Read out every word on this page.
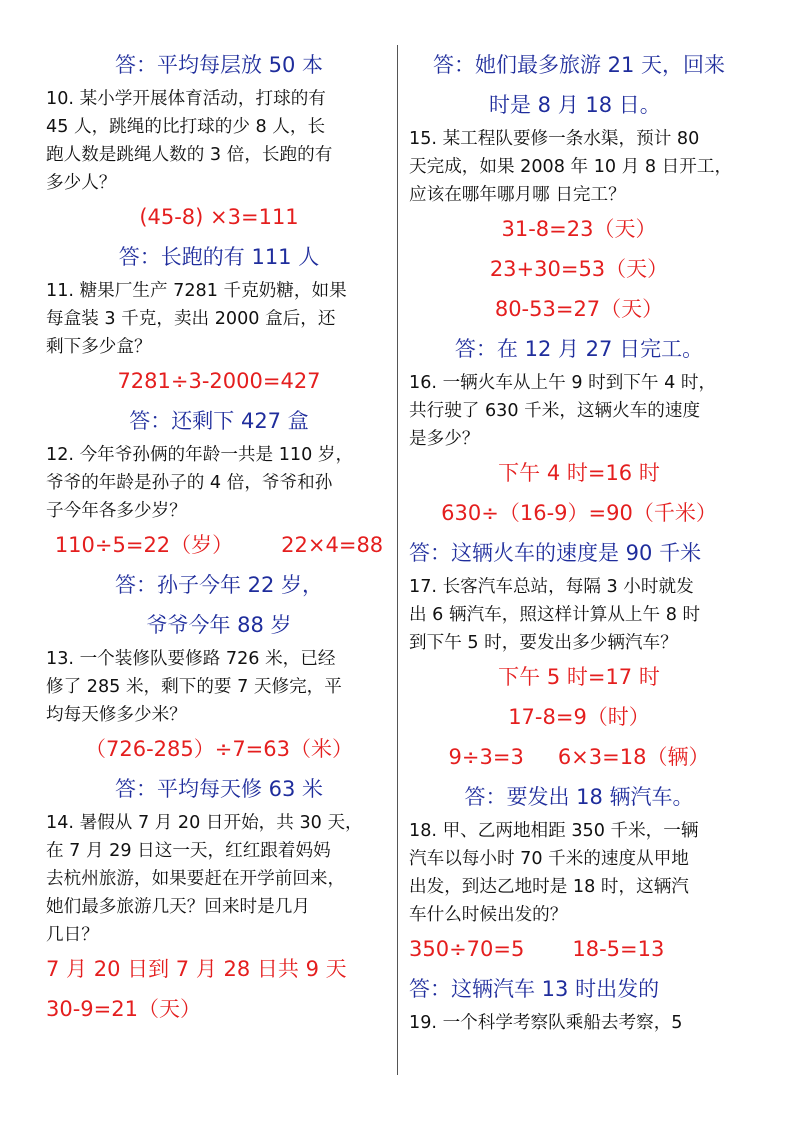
答：平均每层放 50 本
10. 某小学开展体育活动，打球的有
45 人，跳绳的比打球的少 8 人，长
跑人数是跳绳人数的 3 倍，长跑的有
多少人？
(45-8) ×3=111
答：长跑的有 111 人
11. 糖果厂生产 7281 千克奶糖，如果
每盒装 3 千克，卖出 2000 盒后，还
剩下多少盒？
7281÷3-2000=427
答：还剩下 427 盒
12. 今年爷孙俩的年龄一共是 110 岁，
爷爷的年龄是孙子的 4 倍，爷爷和孙
子今年各多少岁？
110÷5=22（岁） 22×4=88
答：孙子今年 22 岁，
爷爷今年 88 岁
13. 一个装修队要修路 726 米，已经
修了 285 米，剩下的要 7 天修完，平
均每天修多少米？
（726-285）÷7=63（米）
答：平均每天修 63 米
14. 暑假从 7 月 20 日开始，共 30 天，
在 7 月 29 日这一天，红红跟着妈妈
去杭州旅游，如果要赶在开学前回来，
她们最多旅游几天？回来时是几月
几日？
7 月 20 日到 7 月 28 日共 9 天
30-9=21（天）
答：她们最多旅游 21 天，回来
时是 8 月 18 日。
15. 某工程队要修一条水渠，预计 80
天完成，如果 2008 年 10 月 8 日开工，
应该在哪年哪月哪 日完工？
31-8=23（天）
23+30=53（天）
80-53=27（天）
答：在 12 月 27 日完工。
16. 一辆火车从上午 9 时到下午 4 时，
共行驶了 630 千米，这辆火车的速度
是多少？
下午 4 时=16 时
630÷（16-9）=90（千米）
答：这辆火车的速度是 90 千米
17. 长客汽车总站，每隔 3 小时就发
出 6 辆汽车，照这样计算从上午 8 时
到下午 5 时，要发出多少辆汽车？
下午 5 时=17 时
17-8=9（时）
9÷3=3 6×3=18（辆）
答：要发出 18 辆汽车。
18. 甲、乙两地相距 350 千米，一辆
汽车以每小时 70 千米的速度从甲地
出发，到达乙地时是 18 时，这辆汽
车什么时候出发的？
350÷70=5 18-5=13
答：这辆汽车 13 时出发的
19. 一个科学考察队乘船去考察，5
